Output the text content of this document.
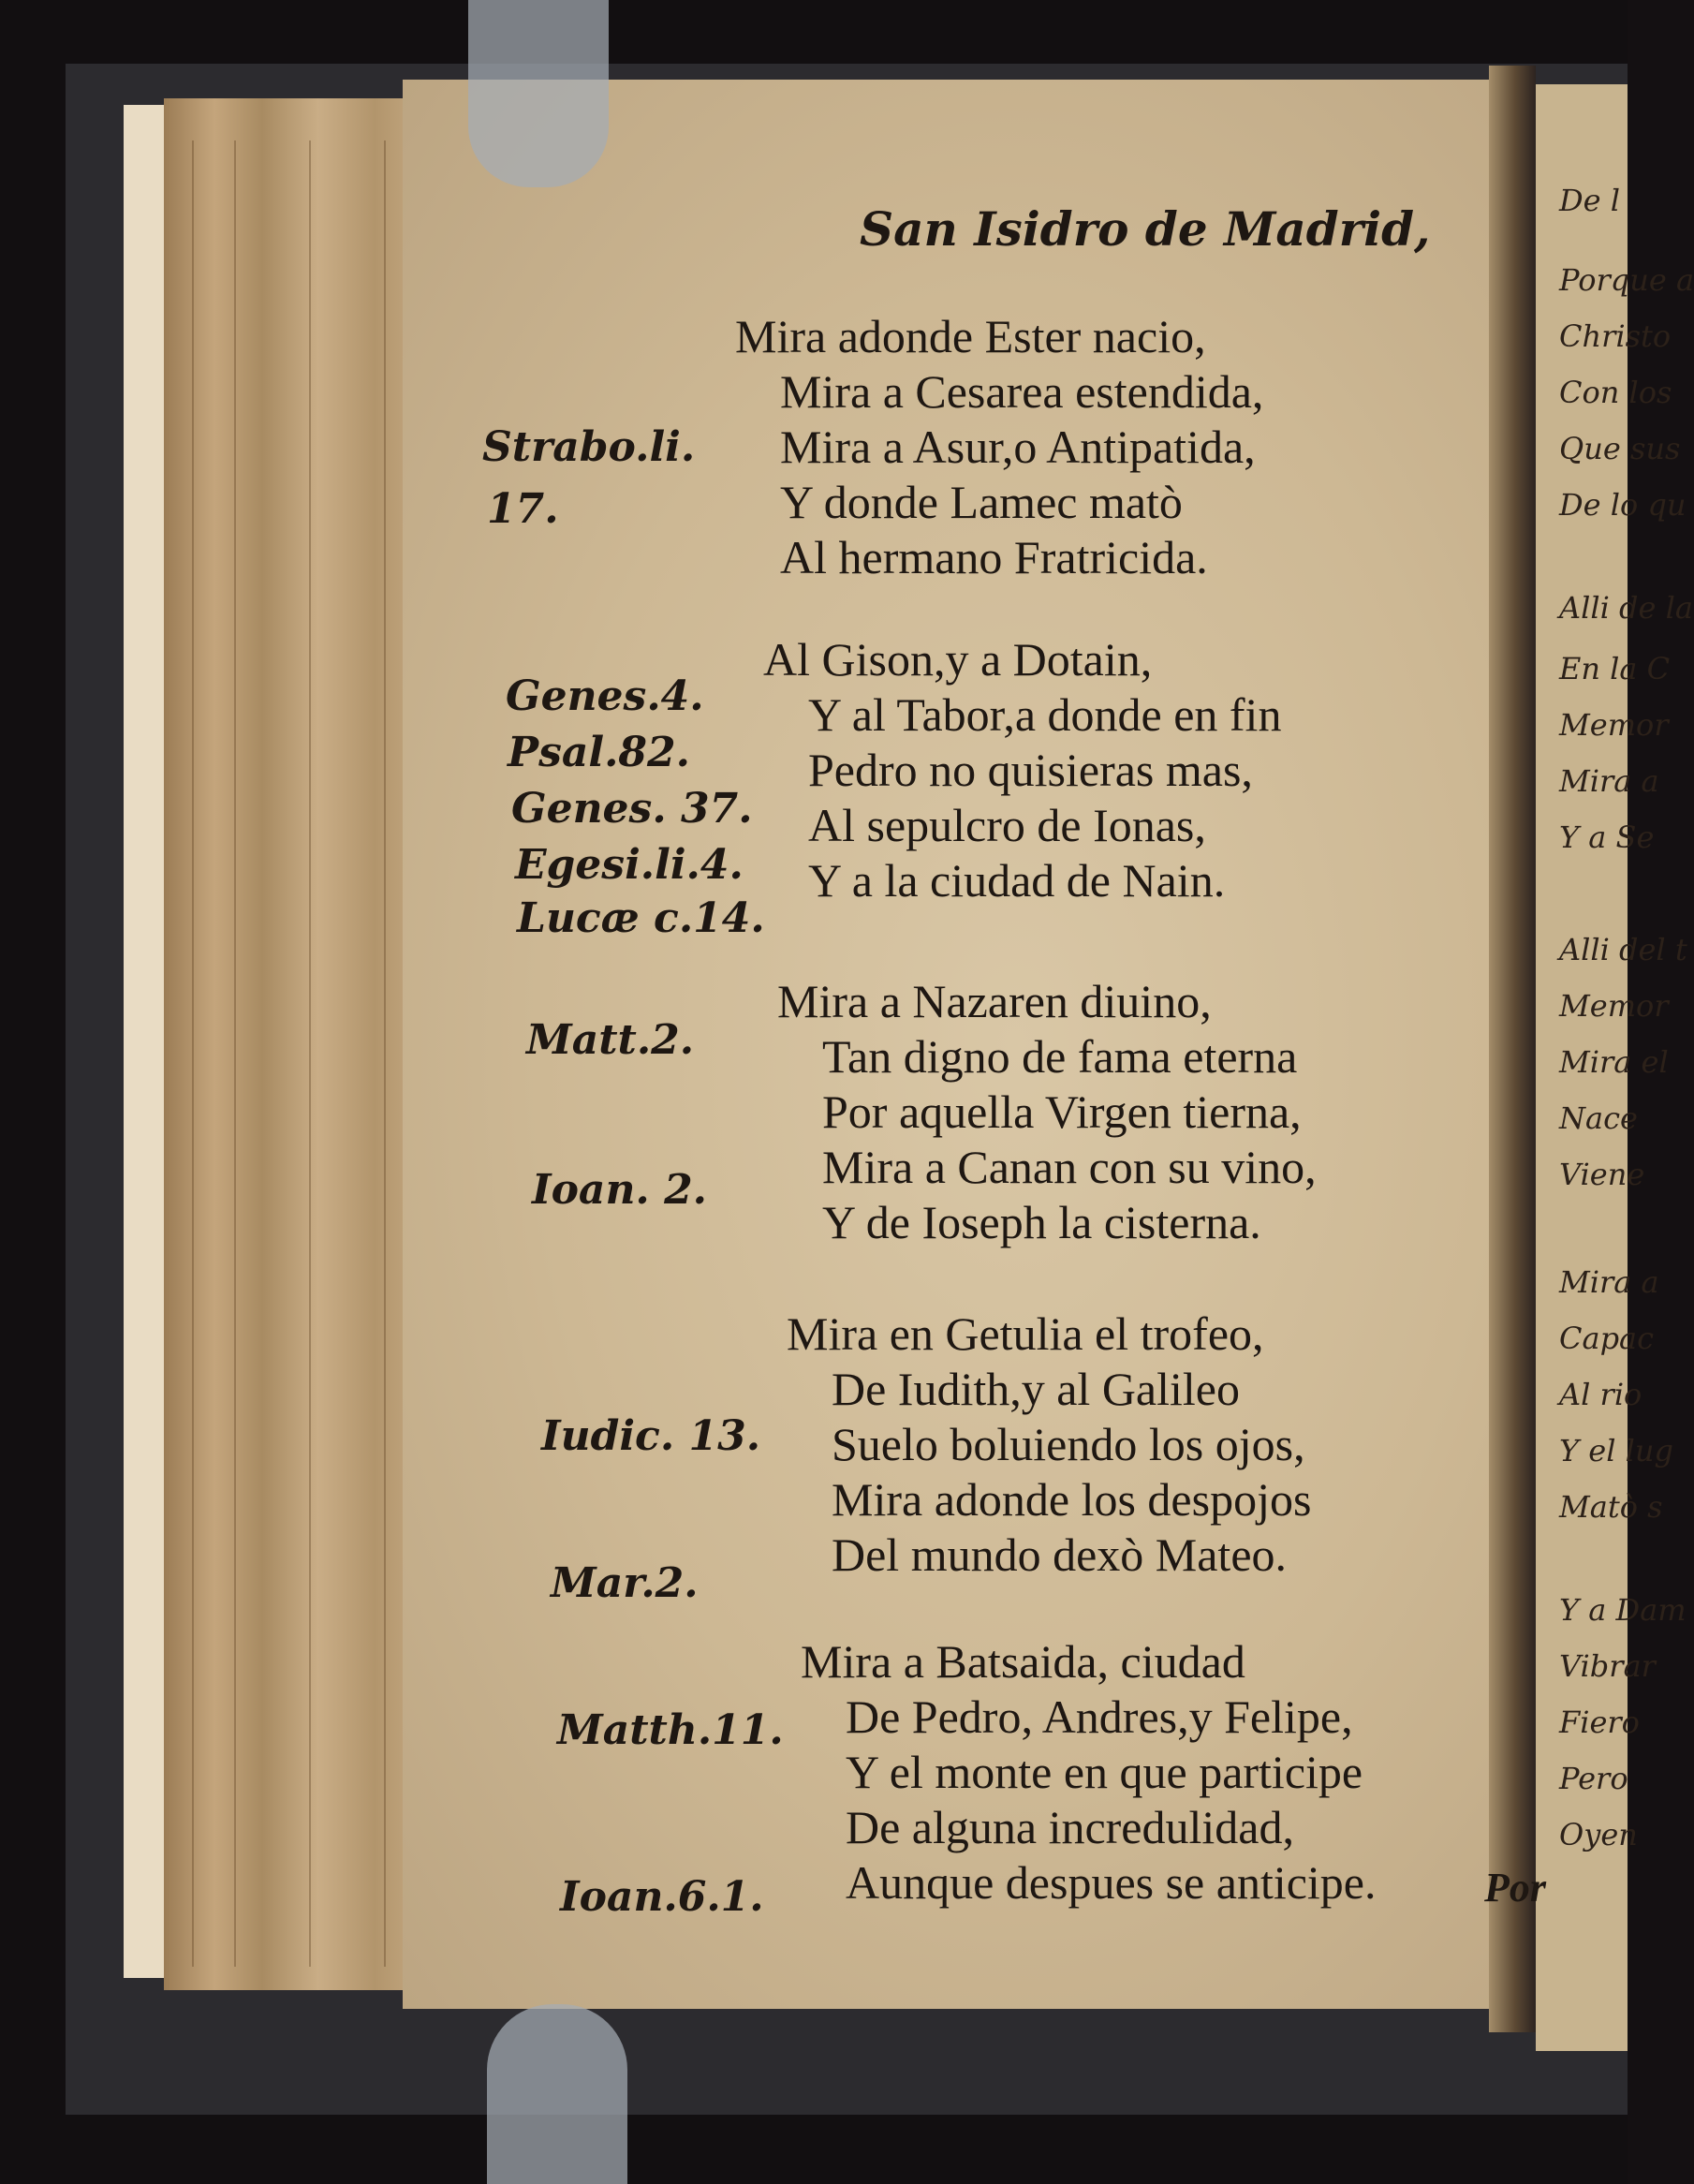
San Isidro de Madrid,
Mira adonde Ester nacio,
Mira a Cesarea estendida,
Mira a Asur,o Antipatida,
Y donde Lamec matò
Al hermano Fratricida.
Al Gison,y a Dotain,
Y al Tabor,a donde en fin
Pedro no quisieras mas,
Al sepulcro de Ionas,
Y a la ciudad de Nain.
Mira a Nazaren diuino,
Tan digno de fama eterna
Por aquella Virgen tierna,
Mira a Canan con su vino,
Y de Ioseph la cisterna.
Mira en Getulia el trofeo,
De Iudith,y al Galileo
Suelo boluiendo los ojos,
Mira adonde los despojos
Del mundo dexò Mateo.
Mira a Batsaida, ciudad
De Pedro, Andres,y Felipe,
Y el monte en que participe
De alguna incredulidad,
Aunque despues se anticipe.
Strabo.li.
17.
Genes.4.
Psal.82.
Genes. 37.
Egesi.li.4.
Lucæ c.14.
Matt.2.
Ioan. 2.
Iudic. 13.
Mar.2.
Matth.11.
Ioan.6.1.	Por
De l
Porque a
Christo
Con los
Que sus
De lo qu
Alli de la
En la C
Memor
Mira a
Y a Se
Alli del t
Memor
Mira el
Nace
Viene
Mira a
Capac
Al rio
Y el lug
Matò s
Y a Dam
Vibrar
Fiero
Pero
Oyen
